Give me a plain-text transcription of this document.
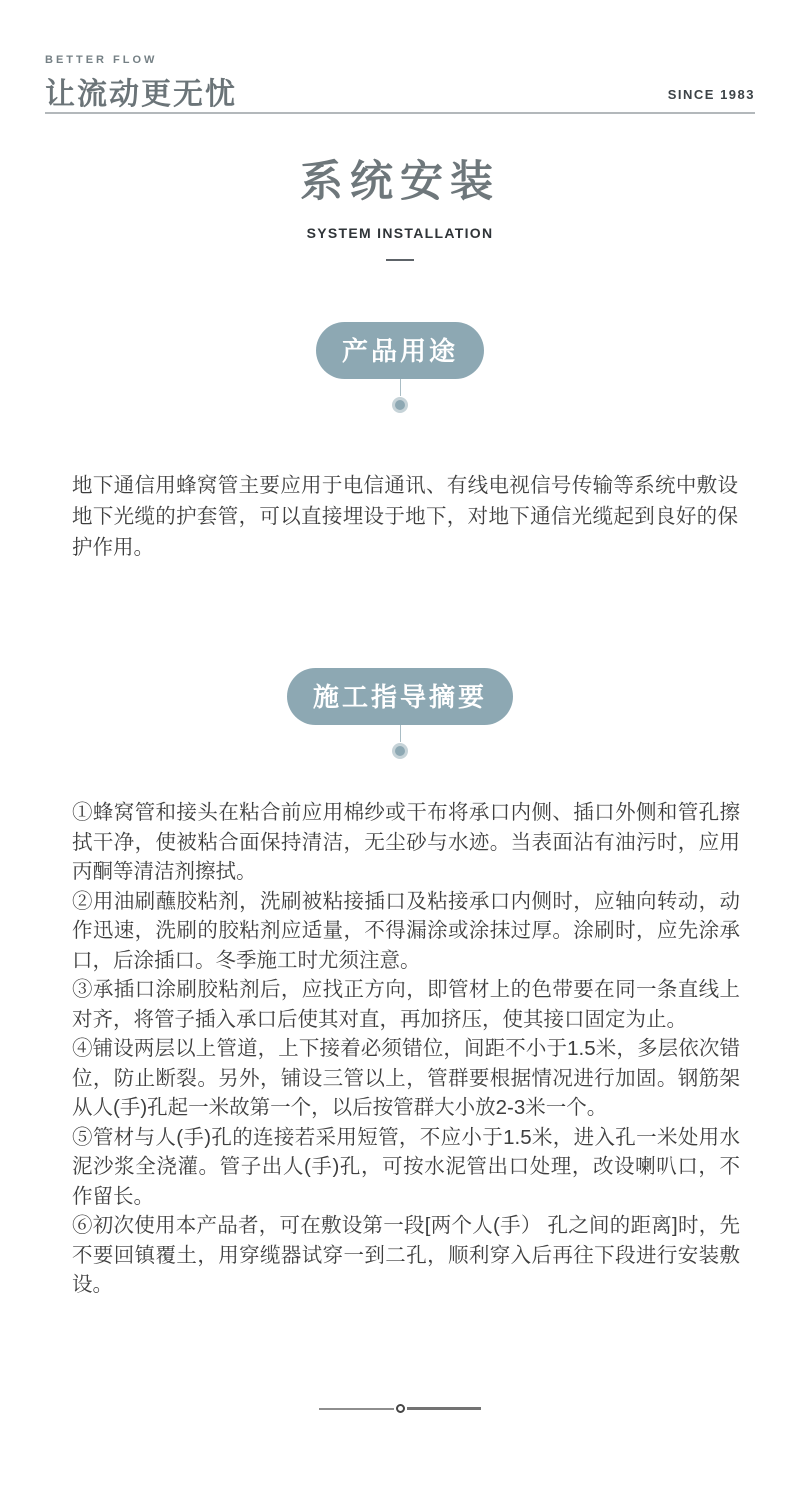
BETTER FLOW
让流动更无忧	SINCE 1983
系统安装
SYSTEM INSTALLATION
产品用途
地下通信用蜂窝管主要应用于电信通讯、有线电视信号传输等系统中敷设地下光缆的护套管，可以直接埋设于地下，对地下通信光缆起到良好的保护作用。
施工指导摘要

①蜂窝管和接头在粘合前应用棉纱或干布将承口内侧、插口外侧和管孔擦拭干净，使被粘合面保持清洁，无尘砂与水迹。当表面沾有油污时，应用丙酮等清洁剂擦拭。

②用油刷蘸胶粘剂，洗刷被粘接插口及粘接承口内侧时，应轴向转动，动作迅速，洗刷的胶粘剂应适量，不得漏涂或涂抹过厚。涂刷时，应先涂承口，后涂插口。冬季施工时尤须注意。

③承插口涂刷胶粘剂后，应找正方向，即管材上的色带要在同一条直线上对齐，将管子插入承口后使其对直，再加挤压，使其接口固定为止。

④铺设两层以上管道，上下接着必须错位，间距不小于1.5米，多层依次错位，防止断裂。另外，铺设三管以上，管群要根据情况进行加固。钢筋架从人(手)孔起一米故第一个，以后按管群大小放2-3米一个。

⑤管材与人(手)孔的连接若采用短管，不应小于1.5米，进入孔一米处用水泥沙浆全浇灌。管子出人(手)孔，可按水泥管出口处理，改设喇叭口，不作留长。

⑥初次使用本产品者，可在敷设第一段[两个人(手） 孔之间的距离]时，先不要回镇覆土，用穿缆器试穿一到二孔，顺利穿入后再往下段进行安装敷设。
